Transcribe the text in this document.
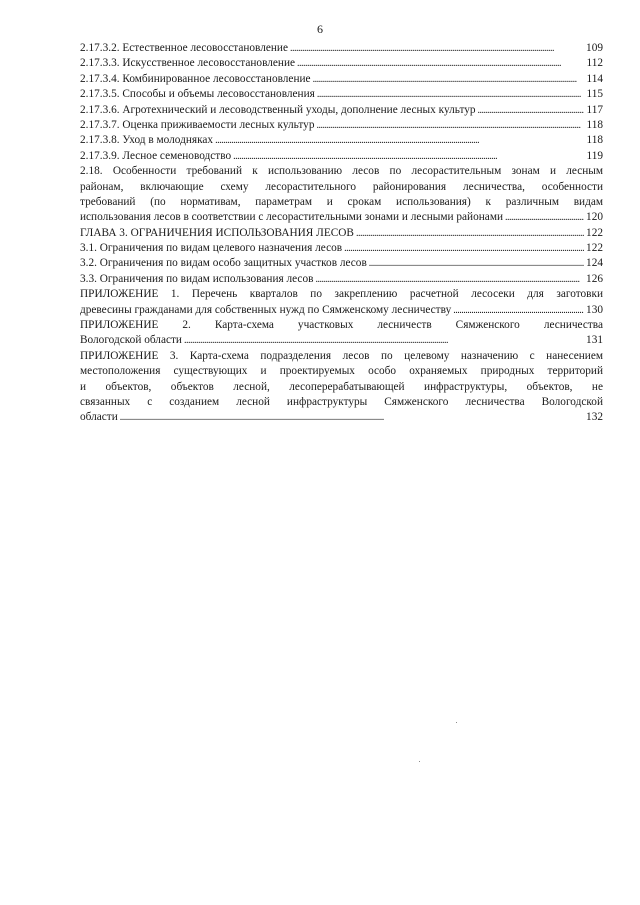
6
2.17.3.2. Естественное лесовосстановление . . .	109
2.17.3.3. Искусственное лесовосстановление . . .	112
2.17.3.4. Комбинированное лесовосстановление . . .	114
2.17.3.5. Способы и объемы лесовосстановления . . .	115
2.17.3.6. Агротехнический и лесоводственный уходы, дополнение лесных культур . . .	117
2.17.3.7. Оценка приживаемости лесных культур . . .	118
2.17.3.8. Уход в молодняках . . .	118
2.17.3.9. Лесное семеноводство . . .	119
2.18. Особенности требований к использованию лесов по лесорастительным зонам и лесным
районам, включающие схему лесорастительного районирования лесничества, особенности
требований (по нормативам, параметрам и срокам использования) к различным видам
использования лесов в соответствии с лесорастительными зонами и лесными районами . . .	120
ГЛАВА 3. ОГРАНИЧЕНИЯ ИСПОЛЬЗОВАНИЯ ЛЕСОВ . . .	122
3.1. Ограничения по видам целевого назначения лесов . . .	122
3.2. Ограничения по видам особо защитных участков лесов . . .	124
3.3. Ограничения по видам использования лесов . . .	126
ПРИЛОЖЕНИЕ 1. Перечень кварталов по закреплению расчетной лесосеки для заготовки
древесины гражданами для собственных нужд по Сямженскому лесничеству . . .	130
ПРИЛОЖЕНИЕ 2. Карта-схема участковых лесничеств Сямженского лесничества
Вологодской области . . .	131
ПРИЛОЖЕНИЕ 3. Карта-схема подразделения лесов по целевому назначению с нанесением
местоположения существующих и проектируемых особо охраняемых природных территорий
и объектов, объектов лесной, лесоперерабатывающей инфраструктуры, объектов, не
связанных с созданием лесной инфраструктуры Сямженского лесничества Вологодской
области . . .	132
